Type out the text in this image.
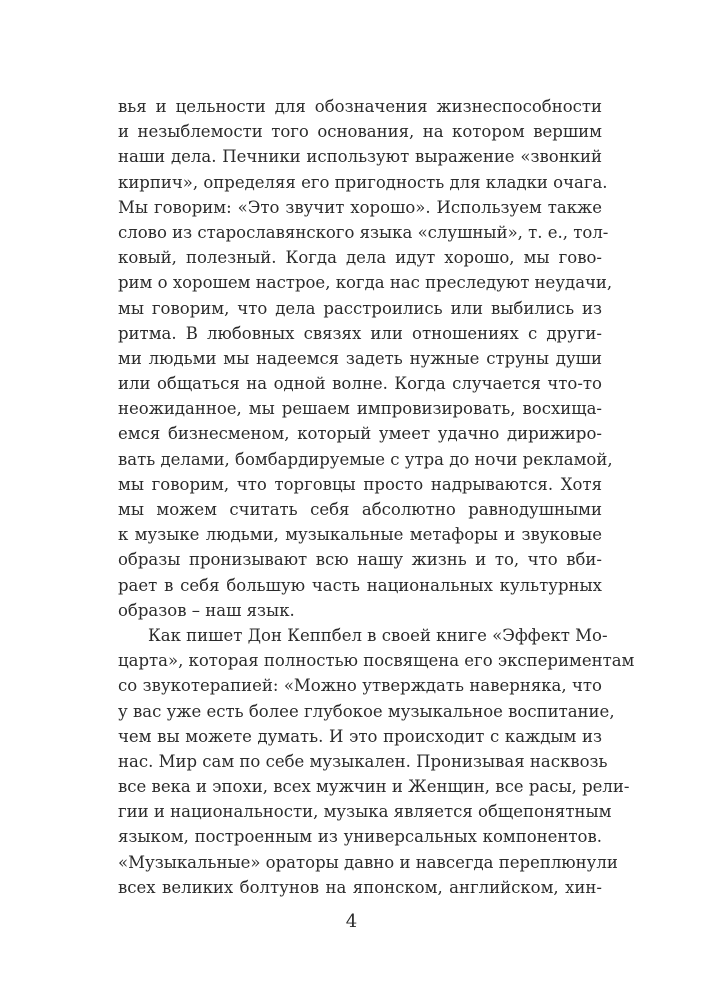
вья и цельности для обозначения жизнеспособности
и незыблемости того основания, на котором вершим
наши дела. Печники используют выражение «звонкий
кирпич», определяя его пригодность для кладки очага.
Мы говорим: «Это звучит хорошо». Используем также
слово из старославянского языка «слушный», т. е., тол-
ковый, полезный. Когда дела идут хорошо, мы гово-
рим о хорошем настрое, когда нас преследуют неудачи,
мы говорим, что дела расстроились или выбились из
ритма. В любовных связях или отношениях с други-
ми людьми мы надеемся задеть нужные струны души
или общаться на одной волне. Когда случается что-то
неожиданное, мы решаем импровизировать, восхища-
емся бизнесменом, который умеет удачно дирижиро-
вать делами, бомбардируемые с утра до ночи рекламой,
мы говорим, что торговцы просто надрываются. Хотя
мы можем считать себя абсолютно равнодушными
к музыке людьми, музыкальные метафоры и звуковые
образы пронизывают всю нашу жизнь и то, что вби-
рает в себя большую часть национальных культурных
образов – наш язык.
Как пишет Дон Кеппбел в своей книге «Эффект Мо-
царта», которая полностью посвящена его экспериментам
со звукотерапией: «Можно утверждать наверняка, что
у вас уже есть более глубокое музыкальное воспитание,
чем вы можете думать. И это происходит с каждым из
нас. Мир сам по себе музыкален. Пронизывая насквозь
все века и эпохи, всех мужчин и Женщин, все расы, рели-
гии и национальности, музыка является общепонятным
языком, построенным из универсальных компонентов.
«Музыкальные» ораторы давно и навсегда переплюнули
всех великих болтунов на японском, английском, хин-
4
